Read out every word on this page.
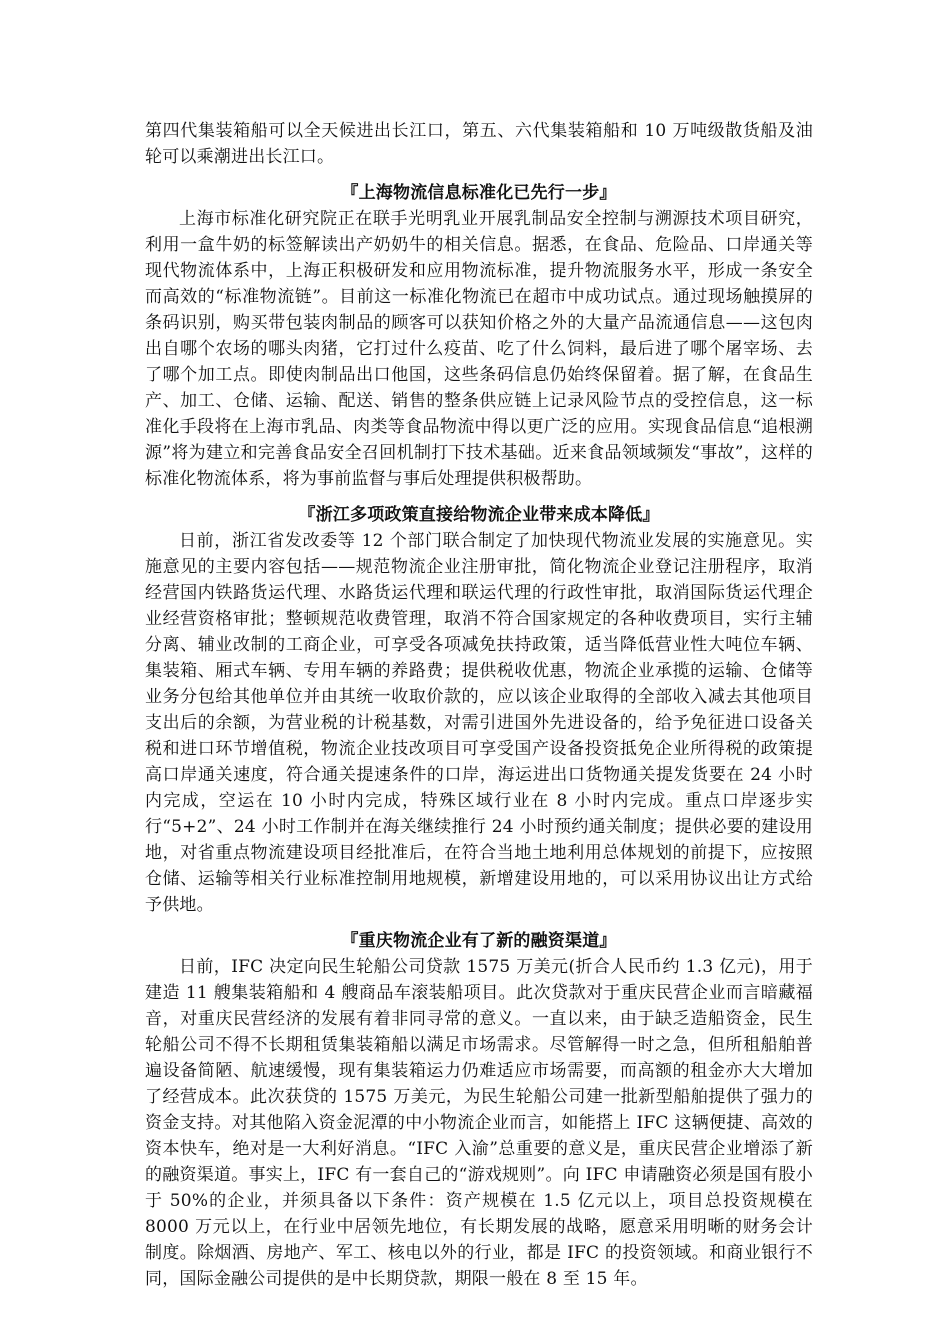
第四代集装箱船可以全天候进出长江口，第五、六代集装箱船和 10 万吨级散货船及油轮可以乘潮进出长江口。

『上海物流信息标准化已先行一步』

上海市标准化研究院正在联手光明乳业开展乳制品安全控制与溯源技术项目研究，利用一盒牛奶的标签解读出产奶奶牛的相关信息。据悉，在食品、危险品、口岸通关等现代物流体系中，上海正积极研发和应用物流标准，提升物流服务水平，形成一条安全而高效的“标准物流链”。目前这一标准化物流已在超市中成功试点。通过现场触摸屏的条码识别，购买带包装肉制品的顾客可以获知价格之外的大量产品流通信息——这包肉出自哪个农场的哪头肉猪，它打过什么疫苗、吃了什么饲料，最后进了哪个屠宰场、去了哪个加工点。即使肉制品出口他国，这些条码信息仍始终保留着。据了解，在食品生产、加工、仓储、运输、配送、销售的整条供应链上记录风险节点的受控信息，这一标准化手段将在上海市乳品、肉类等食品物流中得以更广泛的应用。实现食品信息“追根溯源”将为建立和完善食品安全召回机制打下技术基础。近来食品领域频发“事故”，这样的标准化物流体系，将为事前监督与事后处理提供积极帮助。

『浙江多项政策直接给物流企业带来成本降低』

日前，浙江省发改委等 12 个部门联合制定了加快现代物流业发展的实施意见。实施意见的主要内容包括——规范物流企业注册审批，简化物流企业登记注册程序，取消经营国内铁路货运代理、水路货运代理和联运代理的行政性审批，取消国际货运代理企业经营资格审批；整顿规范收费管理，取消不符合国家规定的各种收费项目，实行主辅分离、辅业改制的工商企业，可享受各项减免扶持政策，适当降低营业性大吨位车辆、集装箱、厢式车辆、专用车辆的养路费；提供税收优惠，物流企业承揽的运输、仓储等业务分包给其他单位并由其统一收取价款的，应以该企业取得的全部收入减去其他项目支出后的余额，为营业税的计税基数，对需引进国外先进设备的，给予免征进口设备关税和进口环节增值税，物流企业技改项目可享受国产设备投资抵免企业所得税的政策提高口岸通关速度，符合通关提速条件的口岸，海运进出口货物通关提发货要在 24 小时内完成，空运在 10 小时内完成，特殊区域行业在 8 小时内完成。重点口岸逐步实行“5+2”、24 小时工作制并在海关继续推行 24 小时预约通关制度；提供必要的建设用地，对省重点物流建设项目经批准后，在符合当地土地利用总体规划的前提下，应按照仓储、运输等相关行业标准控制用地规模，新增建设用地的，可以采用协议出让方式给予供地。

『重庆物流企业有了新的融资渠道』

日前，IFC 决定向民生轮船公司贷款 1575 万美元(折合人民币约 1.3 亿元)，用于建造 11 艘集装箱船和 4 艘商品车滚装船项目。此次贷款对于重庆民营企业而言暗藏福音，对重庆民营经济的发展有着非同寻常的意义。一直以来，由于缺乏造船资金，民生轮船公司不得不长期租赁集装箱船以满足市场需求。尽管解得一时之急，但所租船舶普遍设备简陋、航速缓慢，现有集装箱运力仍难适应市场需要，而高额的租金亦大大增加了经营成本。此次获贷的 1575 万美元，为民生轮船公司建一批新型船舶提供了强力的资金支持。对其他陷入资金泥潭的中小物流企业而言，如能搭上 IFC 这辆便捷、高效的资本快车，绝对是一大利好消息。“IFC 入渝”总重要的意义是，重庆民营企业增添了新的融资渠道。事实上，IFC 有一套自己的“游戏规则”。向 IFC 申请融资必须是国有股小于 50%的企业，并须具备以下条件：资产规模在 1.5 亿元以上，项目总投资规模在 8000 万元以上，在行业中居领先地位，有长期发展的战略，愿意采用明晰的财务会计制度。除烟酒、房地产、军工、核电以外的行业，都是 IFC 的投资领域。和商业银行不同，国际金融公司提供的是中长期贷款，期限一般在 8 至 15 年。
